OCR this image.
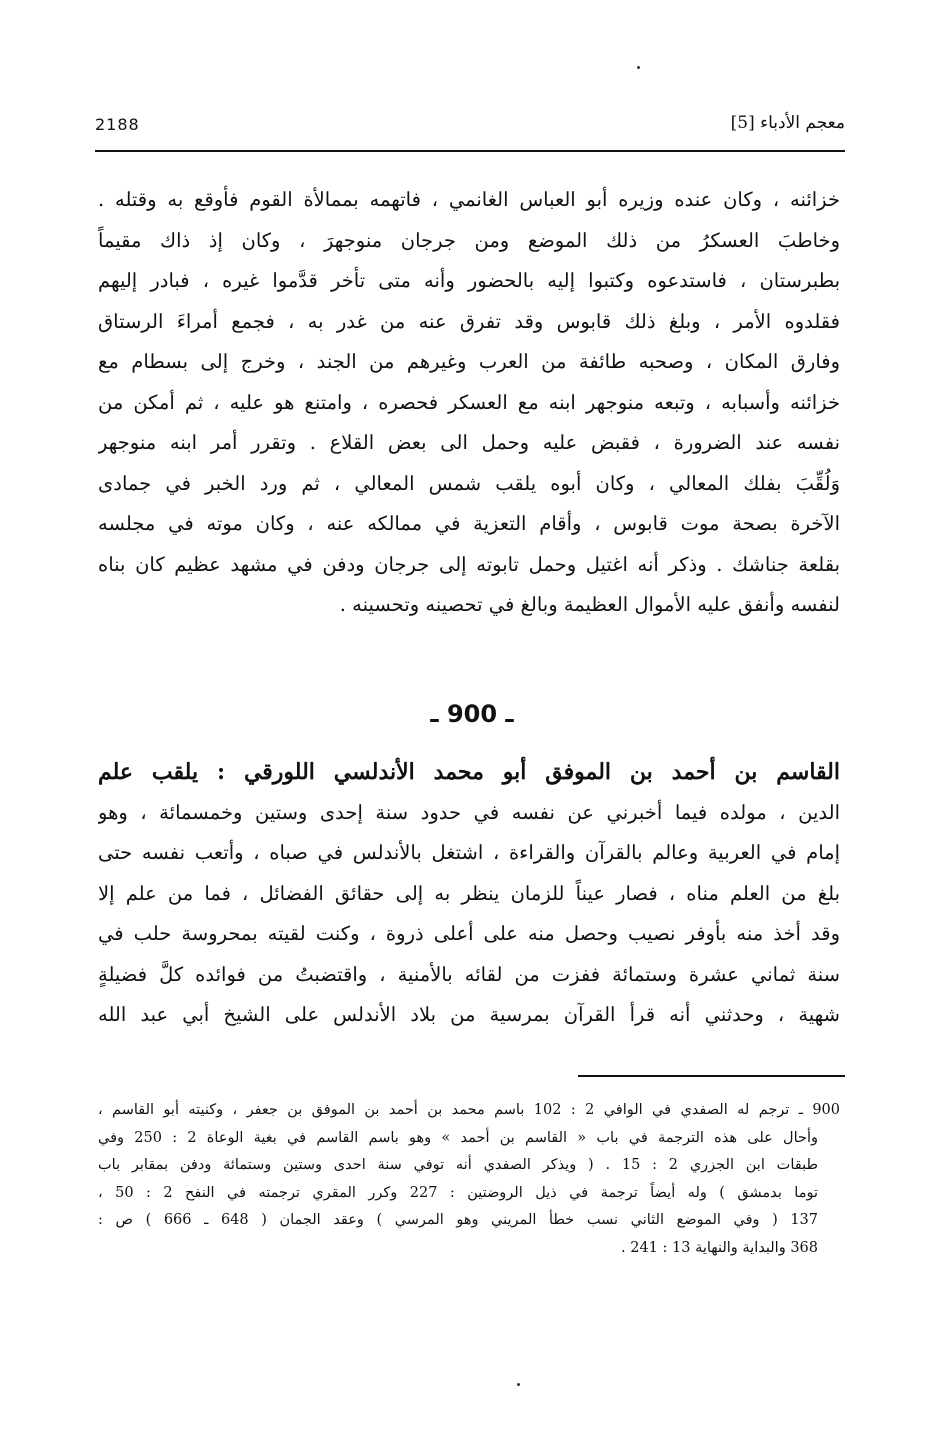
2188	معجم الأدباء [5]
خزائنه ، وكان عنده وزيره أبو العباس الغانمي ، فاتهمه بممالأة القوم فأوقع به وقتله .
وخاطبَ العسكرُ من ذلك الموضع ومن جرجان منوجهرَ ، وكان إذ ذاك مقيماً
بطبرستان ، فاستدعوه وكتبوا إليه بالحضور وأنه متى تأخر قدَّموا غيره ، فبادر إليهم
فقلدوه الأمر ، وبلغ ذلك قابوس وقد تفرق عنه من غدر به ، فجمع أمراءَ الرستاق
وفارق المكان ، وصحبه طائفة من العرب وغيرهم من الجند ، وخرج إلى بسطام مع
خزائنه وأسبابه ، وتبعه منوجهر ابنه مع العسكر فحصره ، وامتنع هو عليه ، ثم أمكن من
نفسه عند الضرورة ، فقبض عليه وحمل الى بعض القلاع . وتقرر أمر ابنه منوجهر
وَلُقِّبَ بفلك المعالي ، وكان أبوه يلقب شمس المعالي ، ثم ورد الخبر في جمادى
الآخرة بصحة موت قابوس ، وأقام التعزية في ممالكه عنه ، وكان موته في مجلسه
بقلعة جناشك . وذكر أنه اغتيل وحمل تابوته إلى جرجان ودفن في مشهد عظيم كان بناه
لنفسه وأنفق عليه الأموال العظيمة وبالغ في تحصينه وتحسينه .
ـ 900 ـ
القاسم بن أحمد بن الموفق أبو محمد الأندلسي اللورقي : يلقب علم
الدين ، مولده فيما أخبرني عن نفسه في حدود سنة إحدى وستين وخمسمائة ، وهو
إمام في العربية وعالم بالقرآن والقراءة ، اشتغل بالأندلس في صباه ، وأتعب نفسه حتى
بلغ من العلم مناه ، فصار عيناً للزمان ينظر به إلى حقائق الفضائل ، فما من علم إلا
وقد أخذ منه بأوفر نصيب وحصل منه على أعلى ذروة ، وكنت لقيته بمحروسة حلب في
سنة ثماني عشرة وستمائة ففزت من لقائه بالأمنية ، واقتضبتُ من فوائده كلَّ فضيلةٍ
شهية ، وحدثني أنه قرأ القرآن بمرسية من بلاد الأندلس على الشيخ أبي عبد الله
900 ـ ترجم له الصفدي في الوافي 2 : 102 باسم محمد بن أحمد بن الموفق بن جعفر ، وكنيته أبو القاسم ،
وأحال على هذه الترجمة في باب « القاسم بن أحمد » وهو باسم القاسم في بغية الوعاة 2 : 250 وفي
طبقات ابن الجزري 2 : 15 . ( ويذكر الصفدي أنه توفي سنة احدى وستين وستمائة ودفن بمقابر باب
توما بدمشق ) وله أيضاً ترجمة في ذيل الروضتين : 227 وكرر المقري ترجمته في النفح 2 : 50 ،
137 ( وفي الموضع الثاني نسب خطأ المريني وهو المرسي ) وعقد الجمان ( 648 ـ 666 ) ص :
368 والبداية والنهاية 13 : 241 .
